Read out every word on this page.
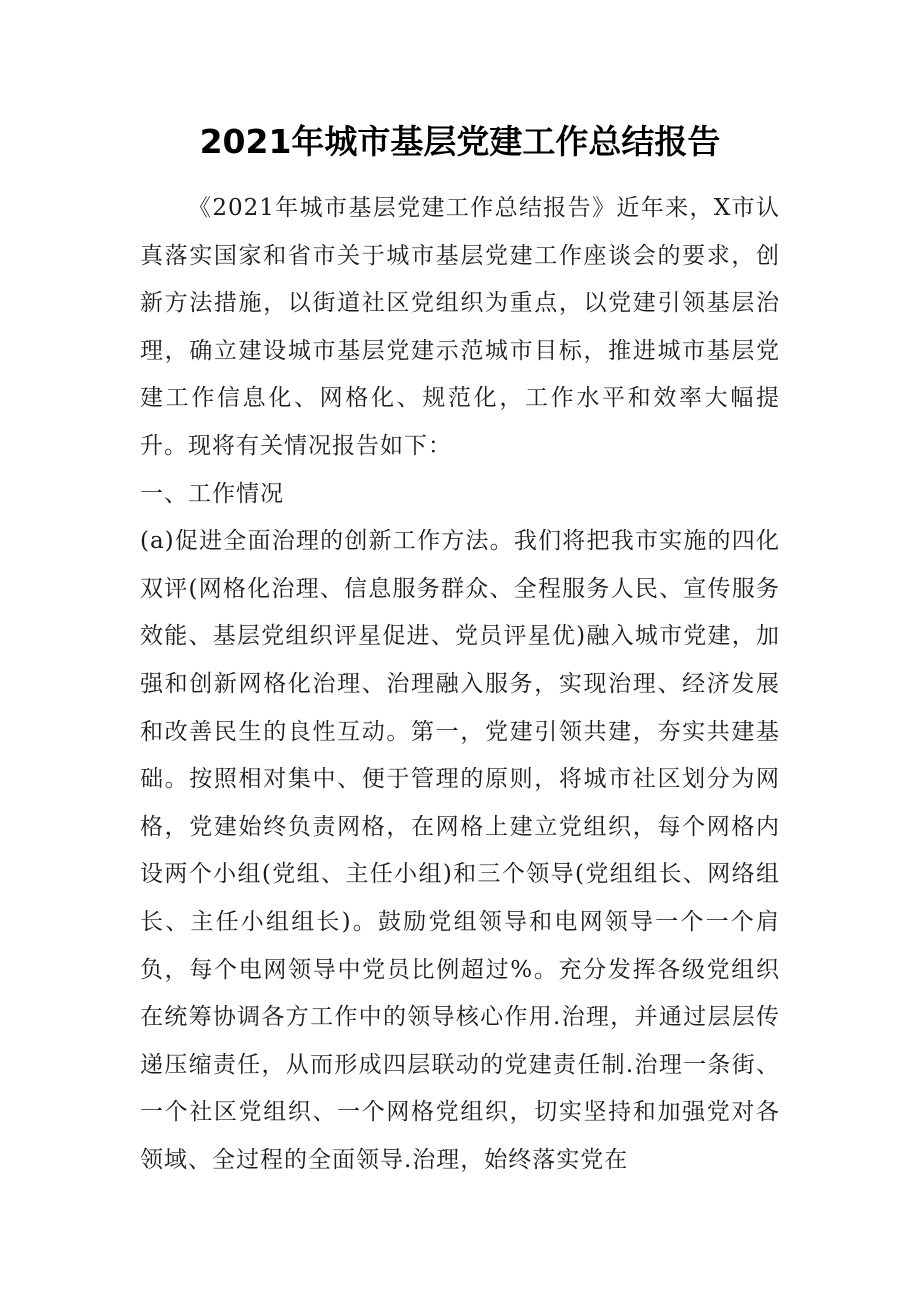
2021年城市基层党建工作总结报告

《2021年城市基层党建工作总结报告》近年来，X市认真落实国家和省市关于城市基层党建工作座谈会的要求，创新方法措施，以街道社区党组织为重点，以党建引领基层治理，确立建设城市基层党建示范城市目标，推进城市基层党建工作信息化、网格化、规范化，工作水平和效率大幅提升。现将有关情况报告如下：

一、工作情况

(a)促进全面治理的创新工作方法。我们将把我市实施的四化双评(网格化治理、信息服务群众、全程服务人民、宣传服务效能、基层党组织评星促进、党员评星优)融入城市党建，加强和创新网格化治理、治理融入服务，实现治理、经济发展和改善民生的良性互动。第一，党建引领共建，夯实共建基础。按照相对集中、便于管理的原则，将城市社区划分为网格，党建始终负责网格，在网格上建立党组织，每个网格内设两个小组(党组、主任小组)和三个领导(党组组长、网络组长、主任小组组长)。鼓励党组领导和电网领导一个一个肩负，每个电网领导中党员比例超过%。充分发挥各级党组织在统筹协调各方工作中的领导核心作用.治理，并通过层层传递压缩责任，从而形成四层联动的党建责任制.治理一条街、一个社区党组织、一个网格党组织，切实坚持和加强党对各领域、全过程的全面领导.治理，始终落实党在
